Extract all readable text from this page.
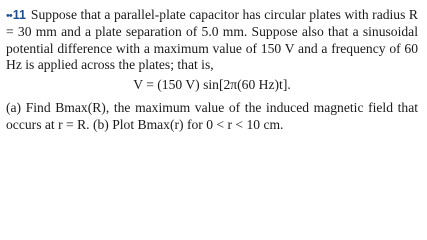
••11 Suppose that a parallel-plate capacitor has circular plates with radius R = 30 mm and a plate separation of 5.0 mm. Suppose also that a sinusoidal potential difference with a maximum value of 150 V and a frequency of 60 Hz is applied across the plates; that is,

V = (150 V) sin[2π(60 Hz)t].

(a) Find Bmax(R), the maximum value of the induced magnetic field that occurs at r = R. (b) Plot Bmax(r) for 0 < r < 10 cm.
